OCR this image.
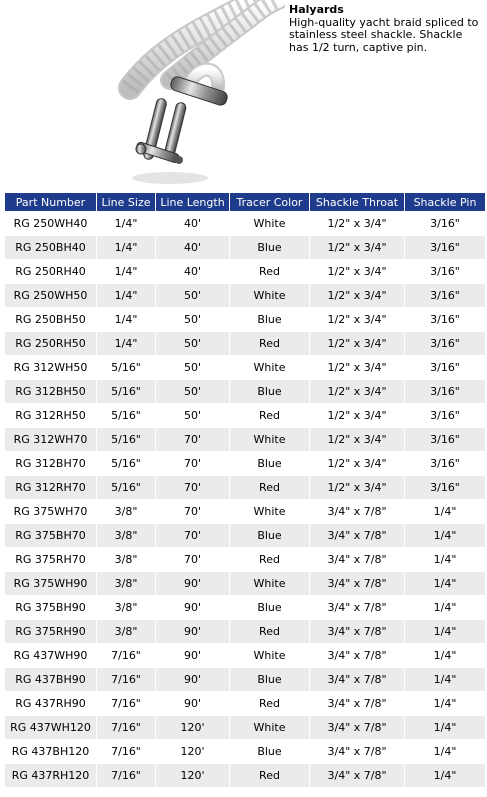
Halyards
High-quality yacht braid spliced to stainless steel shackle. Shackle has 1/2 turn, captive pin.
Part Number	Line Size	Line Length	Tracer Color	Shackle Throat	Shackle Pin
RG 250WH40	1/4"	40'	White	1/2" x 3/4"	3/16"
RG 250BH40	1/4"	40'	Blue	1/2" x 3/4"	3/16"
RG 250RH40	1/4"	40'	Red	1/2" x 3/4"	3/16"
RG 250WH50	1/4"	50'	White	1/2" x 3/4"	3/16"
RG 250BH50	1/4"	50'	Blue	1/2" x 3/4"	3/16"
RG 250RH50	1/4"	50'	Red	1/2" x 3/4"	3/16"
RG 312WH50	5/16"	50'	White	1/2" x 3/4"	3/16"
RG 312BH50	5/16"	50'	Blue	1/2" x 3/4"	3/16"
RG 312RH50	5/16"	50'	Red	1/2" x 3/4"	3/16"
RG 312WH70	5/16"	70'	White	1/2" x 3/4"	3/16"
RG 312BH70	5/16"	70'	Blue	1/2" x 3/4"	3/16"
RG 312RH70	5/16"	70'	Red	1/2" x 3/4"	3/16"
RG 375WH70	3/8"	70'	White	3/4" x 7/8"	1/4"
RG 375BH70	3/8"	70'	Blue	3/4" x 7/8"	1/4"
RG 375RH70	3/8"	70'	Red	3/4" x 7/8"	1/4"
RG 375WH90	3/8"	90'	White	3/4" x 7/8"	1/4"
RG 375BH90	3/8"	90'	Blue	3/4" x 7/8"	1/4"
RG 375RH90	3/8"	90'	Red	3/4" x 7/8"	1/4"
RG 437WH90	7/16"	90'	White	3/4" x 7/8"	1/4"
RG 437BH90	7/16"	90'	Blue	3/4" x 7/8"	1/4"
RG 437RH90	7/16"	90'	Red	3/4" x 7/8"	1/4"
RG 437WH120	7/16"	120'	White	3/4" x 7/8"	1/4"
RG 437BH120	7/16"	120'	Blue	3/4" x 7/8"	1/4"
RG 437RH120	7/16"	120'	Red	3/4" x 7/8"	1/4"
